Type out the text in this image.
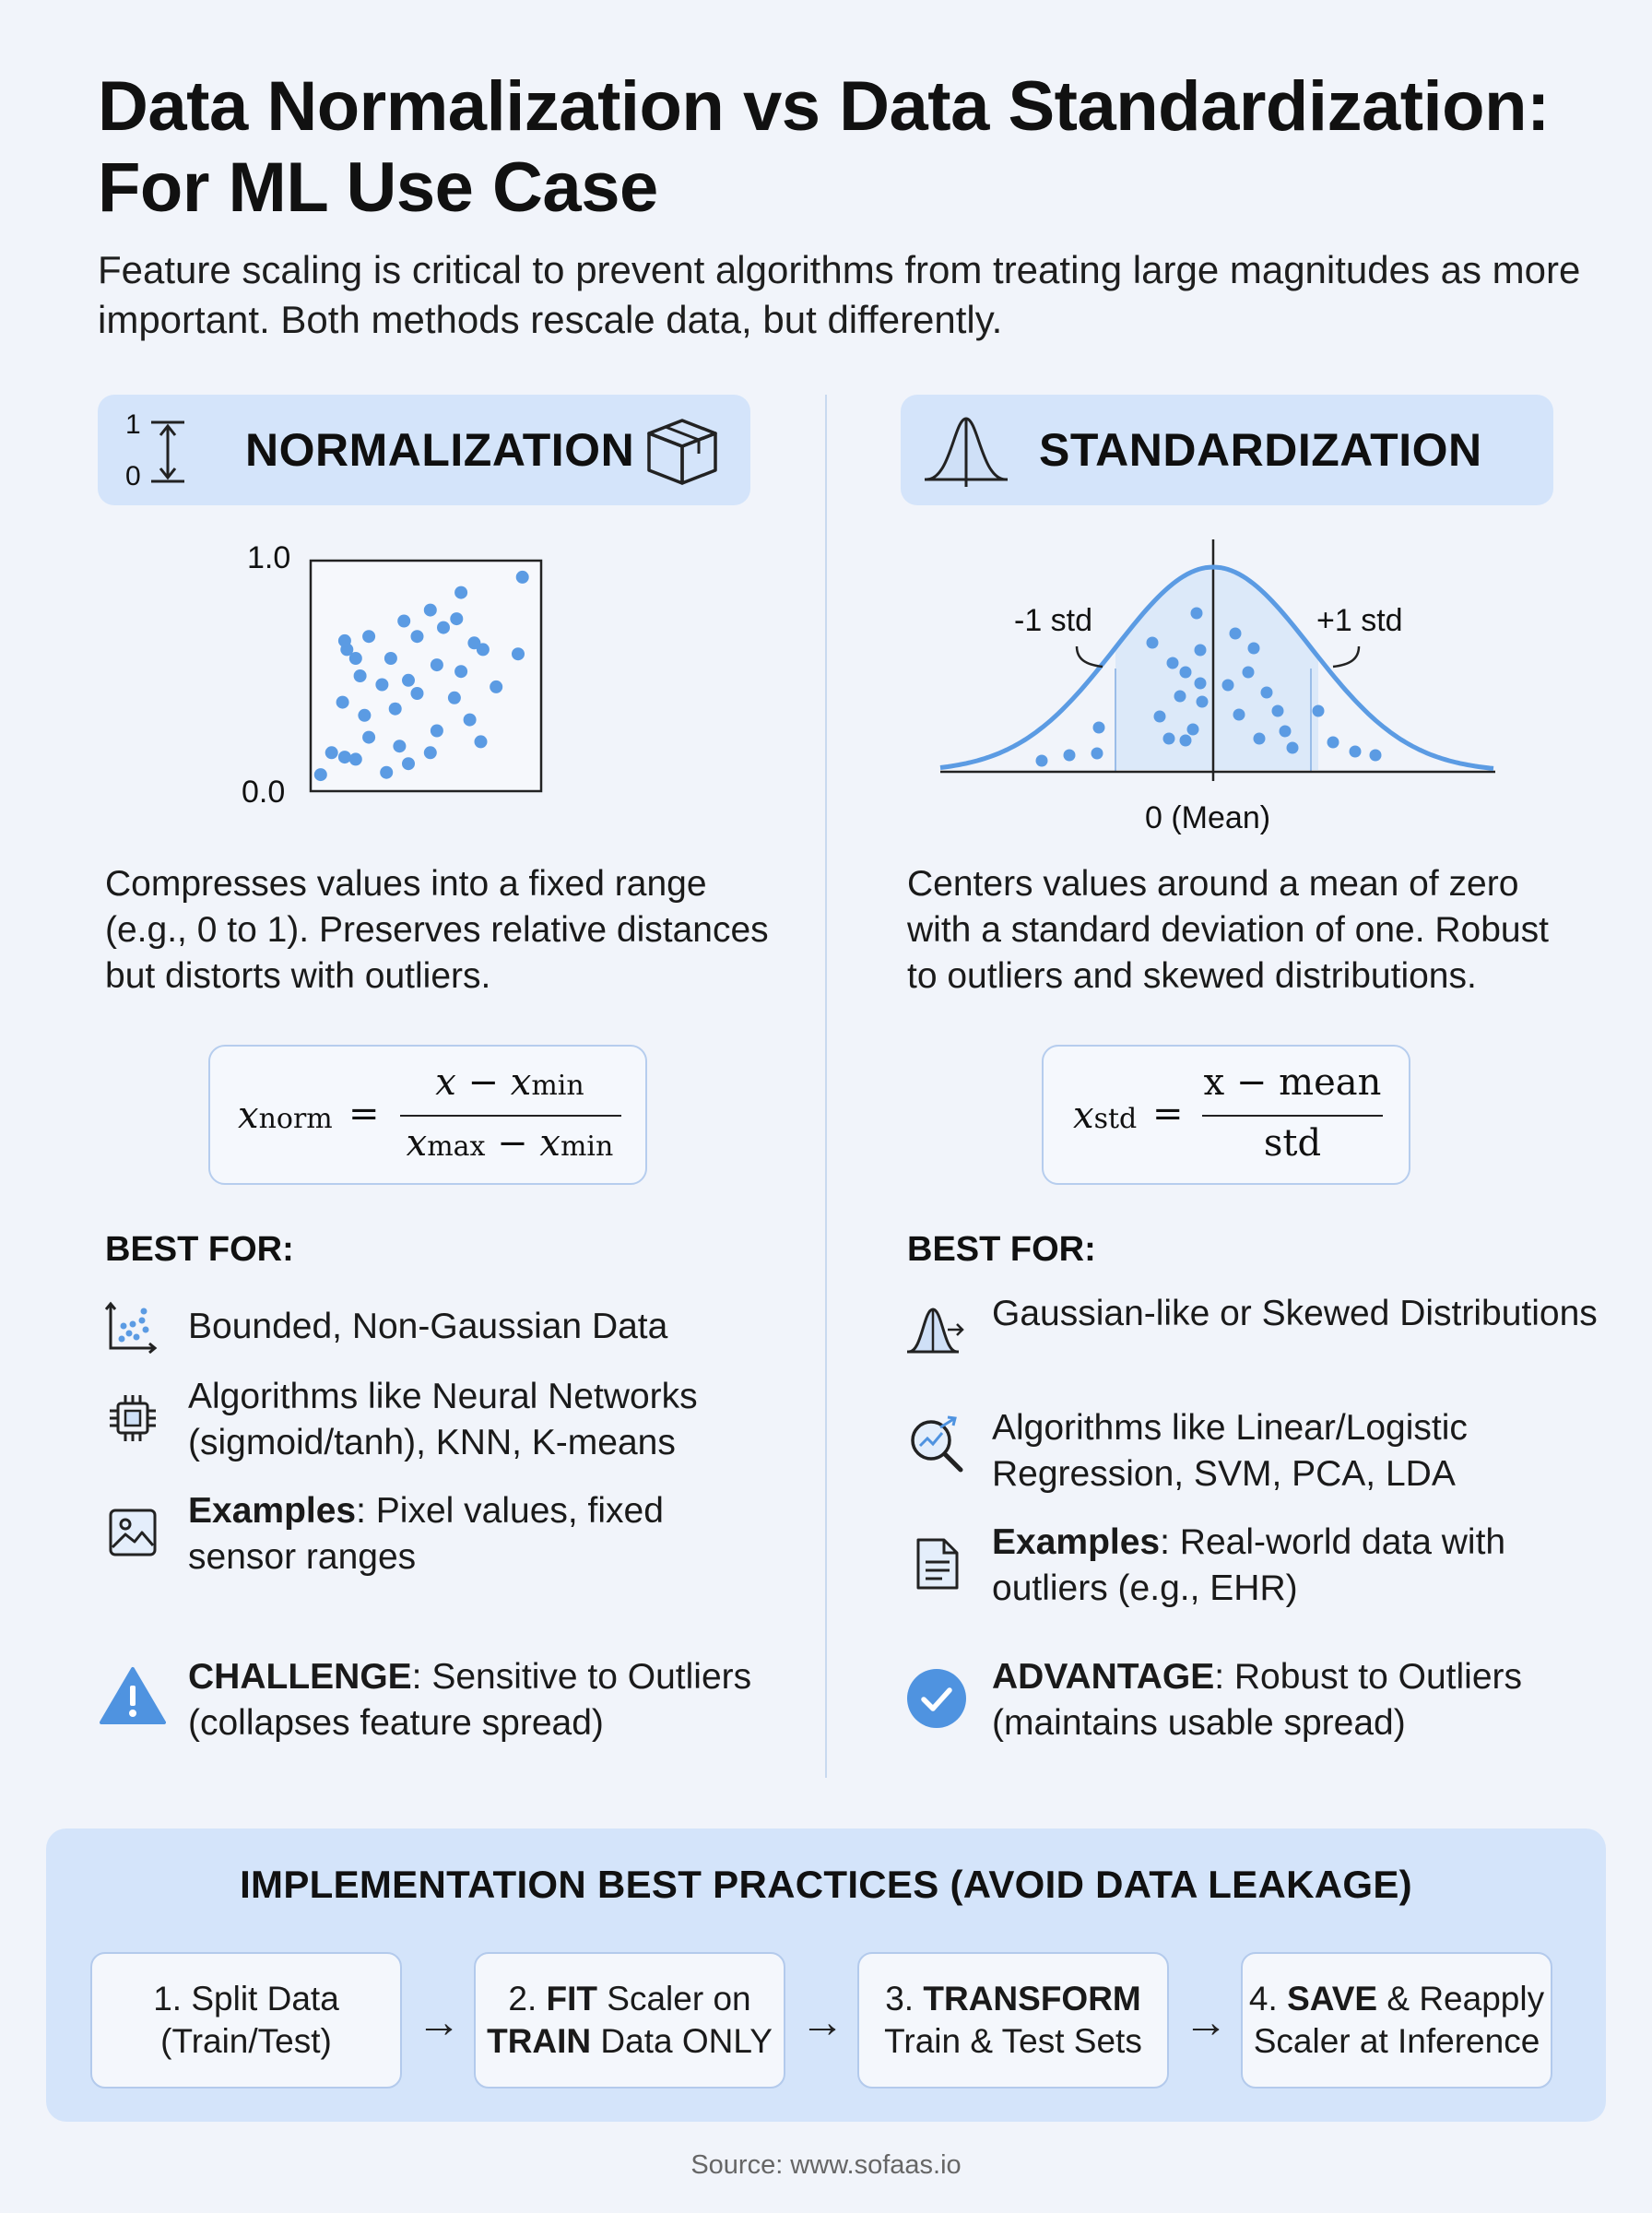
Data Normalization vs Data Standardization: For ML Use Case
Feature scaling is critical to prevent algorithms from treating large magnitudes as more important. Both methods rescale data, but differently.
1
0
NORMALIZATION
1.0
0.0
Compresses values into a fixed range (e.g., 0 to 1). Preserves relative distances but distorts with outliers.
xnorm =
x − xmin
xmax − xmin
BEST FOR:
Bounded, Non-Gaussian Data
Algorithms like Neural Networks (sigmoid/tanh), KNN, K-means
Examples: Pixel values, fixed sensor ranges
CHALLENGE: Sensitive to Outliers (collapses feature spread)
STANDARDIZATION
-1 std	+1 std
0 (Mean)
Centers values around a mean of zero with a standard deviation of one. Robust to outliers and skewed distributions.
xstd =
x − mean
std
BEST FOR:
Gaussian-like or Skewed Distributions
Algorithms like Linear/Logistic Regression, SVM, PCA, LDA
Examples: Real-world data with outliers (e.g., EHR)
ADVANTAGE: Robust to Outliers (maintains usable spread)
IMPLEMENTATION BEST PRACTICES (AVOID DATA LEAKAGE)
1. Split Data
(Train/Test) → 2. FIT Scaler on
TRAIN Data ONLY → 3. TRANSFORM
Train & Test Sets → 4. SAVE & Reapply
Scaler at Inference
Source: www.sofaas.io
